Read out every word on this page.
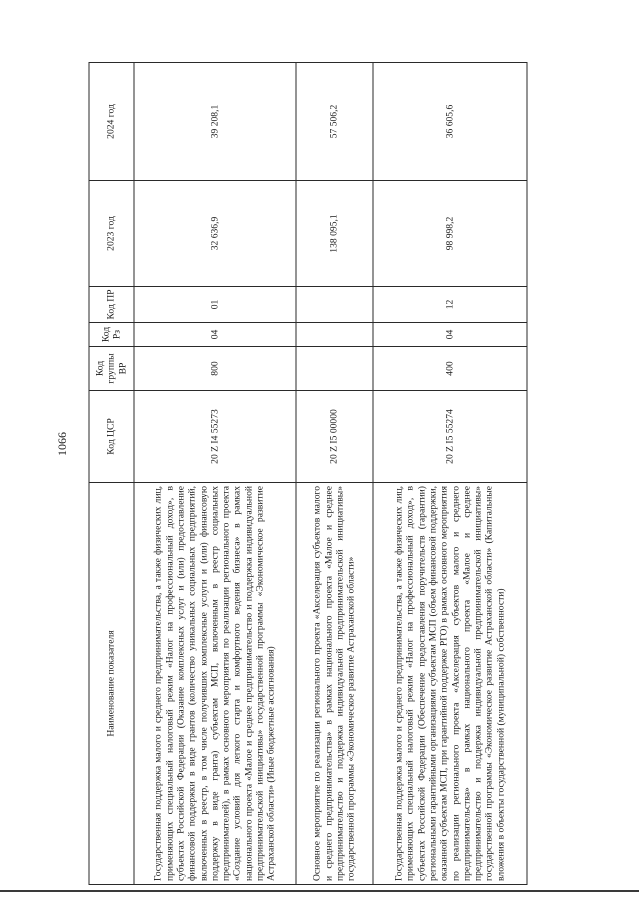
1066
Наименование показателя	Код ЦСР	Код группы ВР	Код Рз	Код ПР	2023 год	2024 год
Государственная поддержка малого и среднего предпринимательства, а также физических лиц, применяющих специальный налоговый режим «Налог на профессиональный доход», в субъектах Российской Федерации (Оказание комплексных услуг и (или) предоставление финансовой поддержки в виде грантов (количество уникальных социальных предприятий, включенных в реестр, в том числе получивших комплексные услуги и (или) финансовую поддержку в виде гранта) субъектам МСП, включенным в реестр социальных предпринимателей), в рамках основного мероприятия по реализации регионального проекта «Создание условий для легкого старта и комфортного ведения бизнеса» в рамках национального проекта «Малое и среднее предпринимательство и поддержка индивидуальной предпринимательской инициативы» государственной программы «Экономическое развитие Астраханской области» (Иные бюджетные ассигнования)	20 Z I4 55273	800	04	01	32 636,9	39 208,1
Основное мероприятие по реализации регионального проекта «Акселерация субъектов малого и среднего предпринимательства» в рамках национального проекта «Малое и среднее предпринимательство и поддержка индивидуальной предпринимательской инициативы» государственной программы «Экономическое развитие Астраханской области»	20 Z I5 00000				138 095,1	57 506,2
Государственная поддержка малого и среднего предпринимательства, а также физических лиц, применяющих специальный налоговый режим «Налог на профессиональный доход», в субъектах Российской Федерации (Обеспечение предоставления поручительств (гарантии) региональными гарантийными организациями субъектам МСП (объем финансовой поддержки, оказанной субъектам МСП, при гарантийной поддержке РГО) в рамках основного мероприятия по реализации регионального проекта «Акселерация субъектов малого и среднего предпринимательства» в рамках национального проекта «Малое и среднее предпринимательство и поддержка индивидуальной предпринимательской инициативы» государственной программы «Экономическое развитие Астраханской области» (Капитальные вложения в объекты государственной (муниципальной) собственности)	20 Z I5 55274	400	04	12	98 998,2	36 605,6
